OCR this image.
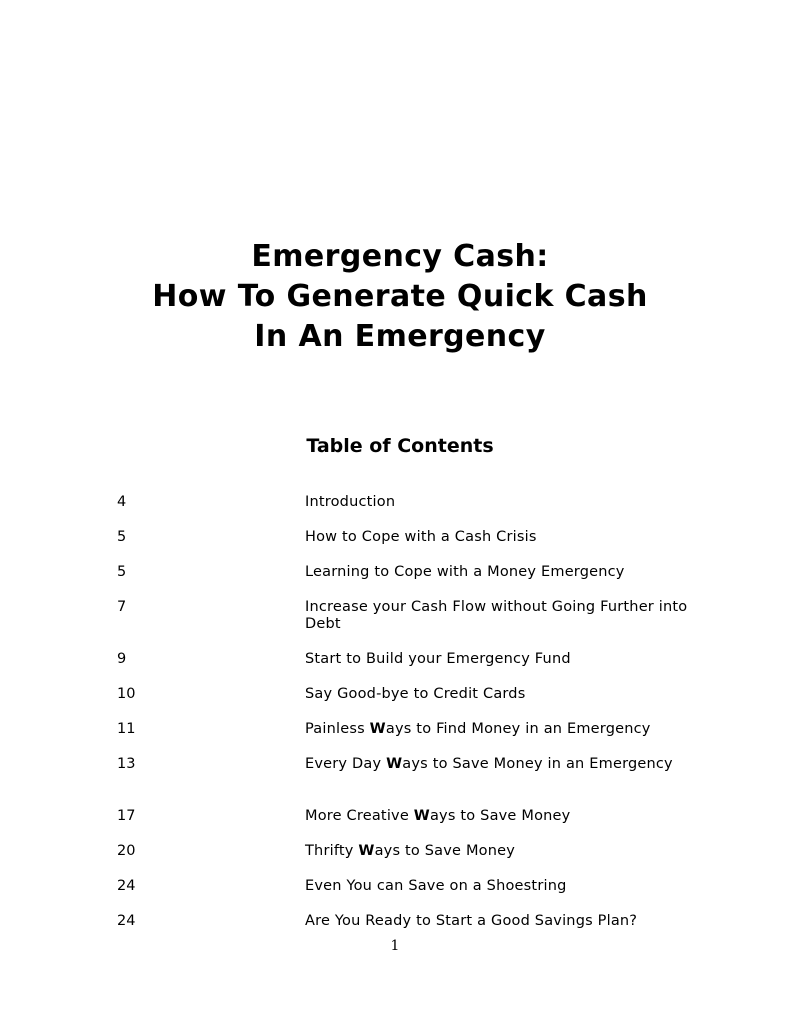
Emergency Cash:
How To Generate Quick Cash
In An Emergency
Table of Contents
4	Introduction
5	How to Cope with a Cash Crisis
5	Learning to Cope with a Money Emergency
7	Increase your Cash Flow without Going Further into Debt
9	Start to Build your Emergency Fund
10	Say Good-bye to Credit Cards
11	Painless Ways to Find Money in an Emergency
13	Every Day Ways to Save Money in an Emergency
17	More Creative Ways to Save Money
20	Thrifty Ways to Save Money
24	Even You can Save on a Shoestring
24	Are You Ready to Start a Good Savings Plan?
1
